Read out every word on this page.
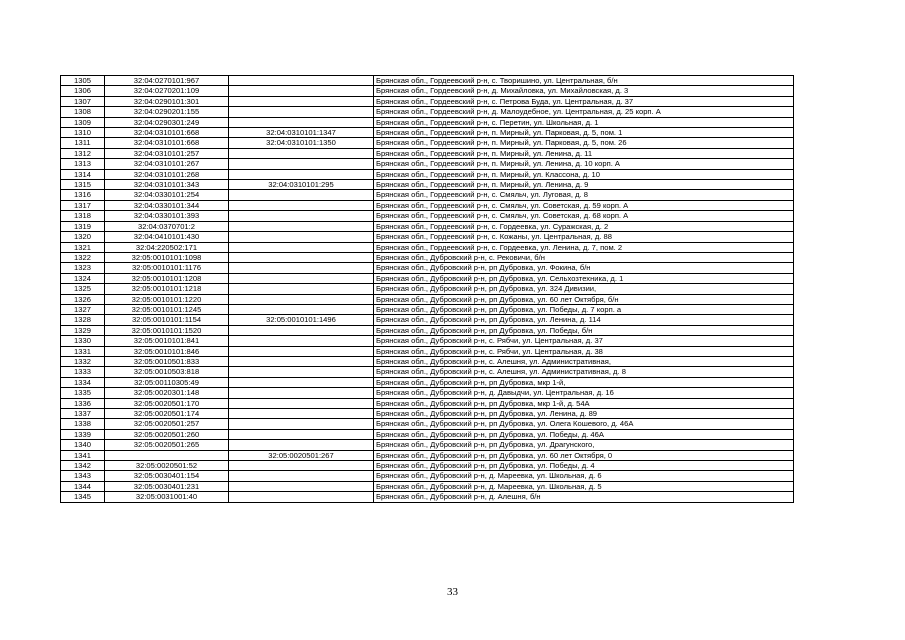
1305	32:04:0270101:967		Брянская обл., Гордеевский р-н, с. Творишино, ул. Центральная, б/н
1306	32:04:0270201:109		Брянская обл., Гордеевский р-н, д. Михайловка, ул. Михайловская, д. 3
1307	32:04:0290101:301		Брянская обл., Гордеевский р-н, с. Петрова Буда, ул. Центральная, д. 37
1308	32:04:0290201:155		Брянская обл., Гордеевский р-н, д. Малоудебное, ул. Центральная, д. 25 корп. А
1309	32:04:0290301:249		Брянская обл., Гордеевский р-н, с. Перетин, ул. Школьная, д. 1
1310	32:04:0310101:668	32:04:0310101:1347	Брянская обл., Гордеевский р-н, п. Мирный, ул. Парковая, д. 5, пом. 1
1311	32:04:0310101:668	32:04:0310101:1350	Брянская обл., Гордеевский р-н, п. Мирный, ул. Парковая, д. 5, пом. 26
1312	32:04:0310101:257		Брянская обл., Гордеевский р-н, п. Мирный, ул. Ленина, д. 11
1313	32:04:0310101:267		Брянская обл., Гордеевский р-н, п. Мирный, ул. Ленина, д. 10 корп. А
1314	32:04:0310101:268		Брянская обл., Гордеевский р-н, п. Мирный, ул. Классона, д. 10
1315	32:04:0310101:343	32:04:0310101:295	Брянская обл., Гордеевский р-н, п. Мирный, ул. Ленина, д. 9
1316	32:04:0330101:254		Брянская обл., Гордеевский р-н, с. Смяльч, ул. Луговая, д. 8
1317	32:04:0330101:344		Брянская обл., Гордеевский р-н, с. Смяльч, ул. Советская, д. 59 корп. А
1318	32:04:0330101:393		Брянская обл., Гордеевский р-н, с. Смяльч, ул. Советская, д. 68 корп. А
1319	32:04:0370701:2		Брянская обл., Гордеевский р-н, с. Гордеевка, ул. Суражская, д. 2
1320	32:04:0410101:430		Брянская обл., Гордеевский р-н, с. Кожаны, ул. Центральная, д. 88
1321	32:04:220502:171		Брянская обл., Гордеевский р-н, с. Гордеевка, ул. Ленина, д. 7, пом. 2
1322	32:05:0010101:1098		Брянская обл., Дубровский р-н, с. Рековичи, б/н
1323	32:05:0010101:1176		Брянская обл., Дубровский р-н, рп Дубровка, ул. Фокина, б/н
1324	32:05:0010101:1208		Брянская обл., Дубровский р-н, рп Дубровка, ул. Сельхозтехника, д. 1
1325	32:05:0010101:1218		Брянская обл., Дубровский р-н, рп Дубровка, ул. 324 Дивизии,
1326	32:05:0010101:1220		Брянская обл., Дубровский р-н, рп Дубровка, ул. 60 лет Октября, б/н
1327	32:05:0010101:1245		Брянская обл., Дубровский р-н, рп Дубровка, ул. Победы, д. 7 корп. а
1328	32:05:0010101:1154	32:05:0010101:1496	Брянская обл., Дубровский р-н, рп Дубровка, ул. Ленина, д. 114
1329	32:05:0010101:1520		Брянская обл., Дубровский р-н, рп Дубровка, ул. Победы, б/н
1330	32:05:0010101:841		Брянская обл., Дубровский р-н, с. Рябчи, ул. Центральная, д. 37
1331	32:05:0010101:846		Брянская обл., Дубровский р-н, с. Рябчи, ул. Центральная, д. 38
1332	32:05:0010501:833		Брянская обл., Дубровский р-н, с. Алешня, ул. Административная,
1333	32:05:0010503:818		Брянская обл., Дубровский р-н, с. Алешня, ул. Административная, д. 8
1334	32:05:00110305:49		Брянская обл., Дубровский р-н, рп Дубровка, мкр 1-й,
1335	32:05:0020301:148		Брянская обл., Дубровский р-н, д. Давыдчи, ул. Центральная, д. 16
1336	32:05:0020501:170		Брянская обл., Дубровский р-н, рп Дубровка, мкр 1-й, д. 54А
1337	32:05:0020501:174		Брянская обл., Дубровский р-н, рп Дубровка, ул. Ленина, д. 89
1338	32:05:0020501:257		Брянская обл., Дубровский р-н, рп Дубровка, ул. Олега Кошевого, д. 46А
1339	32:05:0020501:260		Брянская обл., Дубровский р-н, рп Дубровка, ул. Победы, д. 46А
1340	32:05:0020501:265		Брянская обл., Дубровский р-н, рп Дубровка, ул. Драгунского,
1341		32:05:0020501:267	Брянская обл., Дубровский р-н, рп Дубровка, ул. 60 лет Октября, 0
1342	32:05:0020501:52		Брянская обл., Дубровский р-н, рп Дубровка, ул. Победы, д. 4
1343	32:05:0030401:154		Брянская обл., Дубровский р-н, д. Мареевка, ул. Школьная, д. 6
1344	32:05:0030401:231		Брянская обл., Дубровский р-н, д. Мареевка, ул. Школьная, д. 5
1345	32:05:0031001:40		Брянская обл., Дубровский р-н, д. Алешня, б/н
33
